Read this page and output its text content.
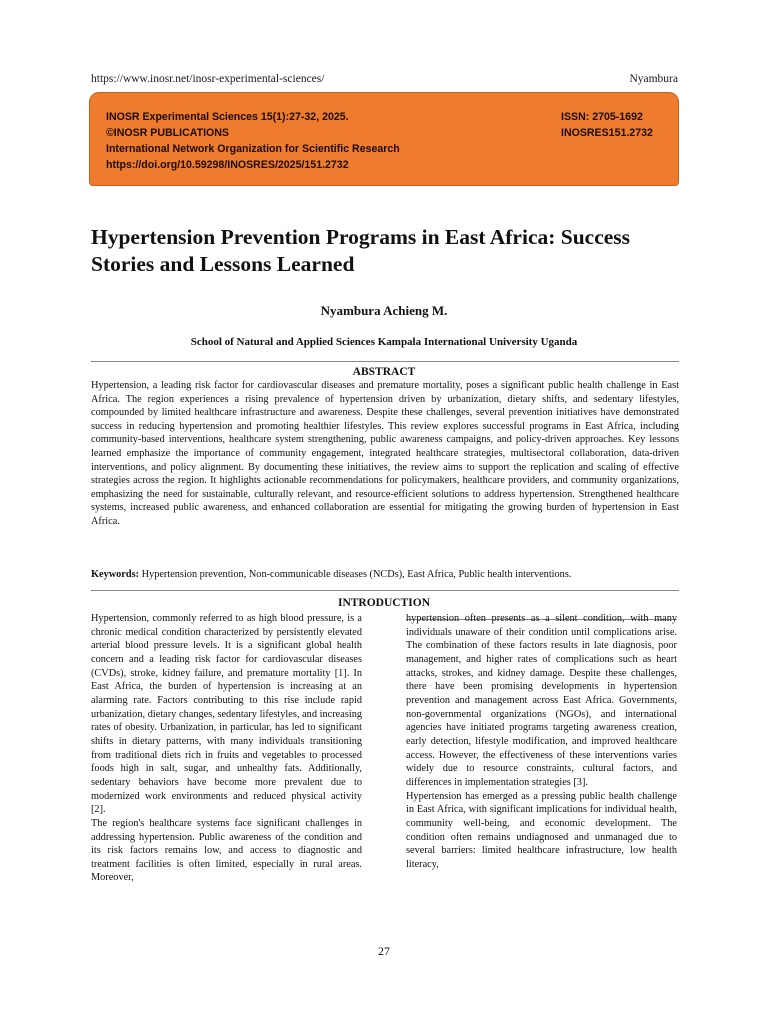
https://www.inosr.net/inosr-experimental-sciences/	Nyambura
INOSR Experimental Sciences 15(1):27-32, 2025.	ISSN: 2705-1692
©INOSR PUBLICATIONS	INOSRES151.2732
International Network Organization for Scientific Research
https://doi.org/10.59298/INOSRES/2025/151.2732
Hypertension Prevention Programs in East Africa: Success Stories and Lessons Learned
Nyambura Achieng M.
School of Natural and Applied Sciences Kampala International University Uganda
ABSTRACT

Hypertension, a leading risk factor for cardiovascular diseases and premature mortality, poses a significant public health challenge in East Africa. The region experiences a rising prevalence of hypertension driven by urbanization, dietary shifts, and sedentary lifestyles, compounded by limited healthcare infrastructure and awareness. Despite these challenges, several prevention initiatives have demonstrated success in reducing hypertension and promoting healthier lifestyles. This review explores successful programs in East Africa, including community-based interventions, healthcare system strengthening, public awareness campaigns, and policy-driven approaches. Key lessons learned emphasize the importance of community engagement, integrated healthcare strategies, multisectoral collaboration, data-driven interventions, and policy alignment. By documenting these initiatives, the review aims to support the replication and scaling of effective strategies across the region. It highlights actionable recommendations for policymakers, healthcare providers, and community organizations, emphasizing the need for sustainable, culturally relevant, and resource-efficient solutions to address hypertension. Strengthened healthcare systems, increased public awareness, and enhanced collaboration are essential for mitigating the growing burden of hypertension in East Africa.

Keywords: Hypertension prevention, Non-communicable diseases (NCDs), East Africa, Public health interventions.

INTRODUCTION

Hypertension, commonly referred to as high blood pressure, is a chronic medical condition characterized by persistently elevated arterial blood pressure levels. It is a significant global health concern and a leading risk factor for cardiovascular diseases (CVDs), stroke, kidney failure, and premature mortality [1]. In East Africa, the burden of hypertension is increasing at an alarming rate. Factors contributing to this rise include rapid urbanization, dietary changes, sedentary lifestyles, and increasing rates of obesity. Urbanization, in particular, has led to significant shifts in dietary patterns, with many individuals transitioning from traditional diets rich in fruits and vegetables to processed foods high in salt, sugar, and unhealthy fats. Additionally, sedentary behaviors have become more prevalent due to modernized work environments and reduced physical activity [2].

The region's healthcare systems face significant challenges in addressing hypertension. Public awareness of the condition and its risk factors remains low, and access to diagnostic and treatment facilities is often limited, especially in rural areas. Moreover,

hypertension often presents as a silent condition, with many individuals unaware of their condition until complications arise. The combination of these factors results in late diagnosis, poor management, and higher rates of complications such as heart attacks, strokes, and kidney damage. Despite these challenges, there have been promising developments in hypertension prevention and management across East Africa. Governments, non-governmental organizations (NGOs), and international agencies have initiated programs targeting awareness creation, early detection, lifestyle modification, and improved healthcare access. However, the effectiveness of these interventions varies widely due to resource constraints, cultural factors, and differences in implementation strategies [3].

Hypertension has emerged as a pressing public health challenge in East Africa, with significant implications for individual health, community well-being, and economic development. The condition often remains undiagnosed and unmanaged due to several barriers: limited healthcare infrastructure, low health literacy,

27
